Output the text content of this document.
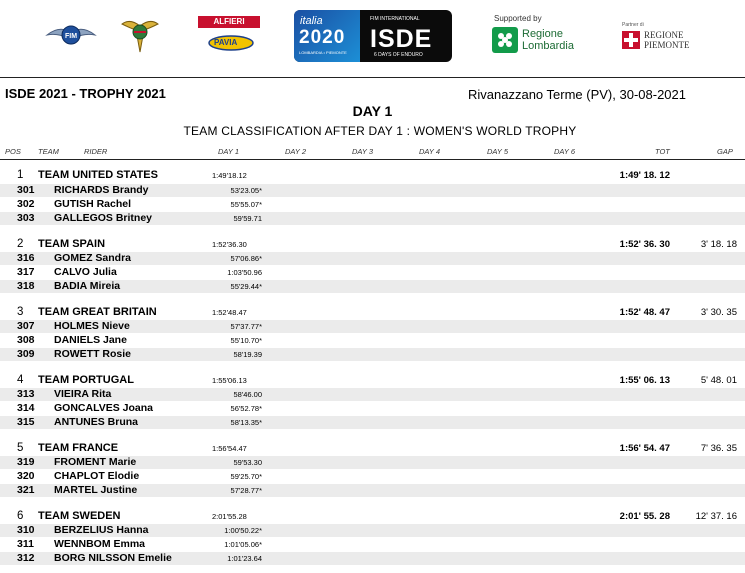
FIM
ALFIERI
PAVIA
italia
2020
LOMBARDIA • PIEMONTE
FIM INTERNATIONAL
ISDE
6 DAYS OF ENDURO
Supported by
Regione
Lombardia
Partner di
REGIONE
PIEMONTE
ISDE 2021 - TROPHY 2021	Rivanazzano Terme (PV), 30-08-2021
DAY 1
TEAM CLASSIFICATION AFTER DAY 1 : WOMEN'S WORLD TROPHY
POS TEAM	RIDER	DAY 1	DAY 2	DAY 3	DAY 4	DAY 5	DAY 6	TOT	GAP
1 TEAM UNITED STATES	1:49'18.12	1:49' 18. 12
301 RICHARDS Brandy	53'23.05*
302 GUTISH Rachel	55'55.07*
303 GALLEGOS Britney	59'59.71
2 TEAM SPAIN	1:52'36.30	1:52' 36. 30	3' 18. 18
316 GOMEZ Sandra	57'06.86*
317 CALVO Julia	1:03'50.96
318 BADIA Mireia	55'29.44*
3 TEAM GREAT BRITAIN	1:52'48.47	1:52' 48. 47	3' 30. 35
307 HOLMES Nieve	57'37.77*
308 DANIELS Jane	55'10.70*
309 ROWETT Rosie	58'19.39
4 TEAM PORTUGAL	1:55'06.13	1:55' 06. 13	5' 48. 01
313 VIEIRA Rita	58'46.00
314 GONCALVES Joana	56'52.78*
315 ANTUNES Bruna	58'13.35*
5 TEAM FRANCE	1:56'54.47	1:56' 54. 47	7' 36. 35
319 FROMENT Marie	59'53.30
320 CHAPLOT Elodie	59'25.70*
321 MARTEL Justine	57'28.77*
6 TEAM SWEDEN	2:01'55.28	2:01' 55. 28	12' 37. 16
310 BERZELIUS Hanna	1:00'50.22*
311 WENNBOM Emma	1:01'05.06*
312 BORG NILSSON Emelie	1:01'23.64
